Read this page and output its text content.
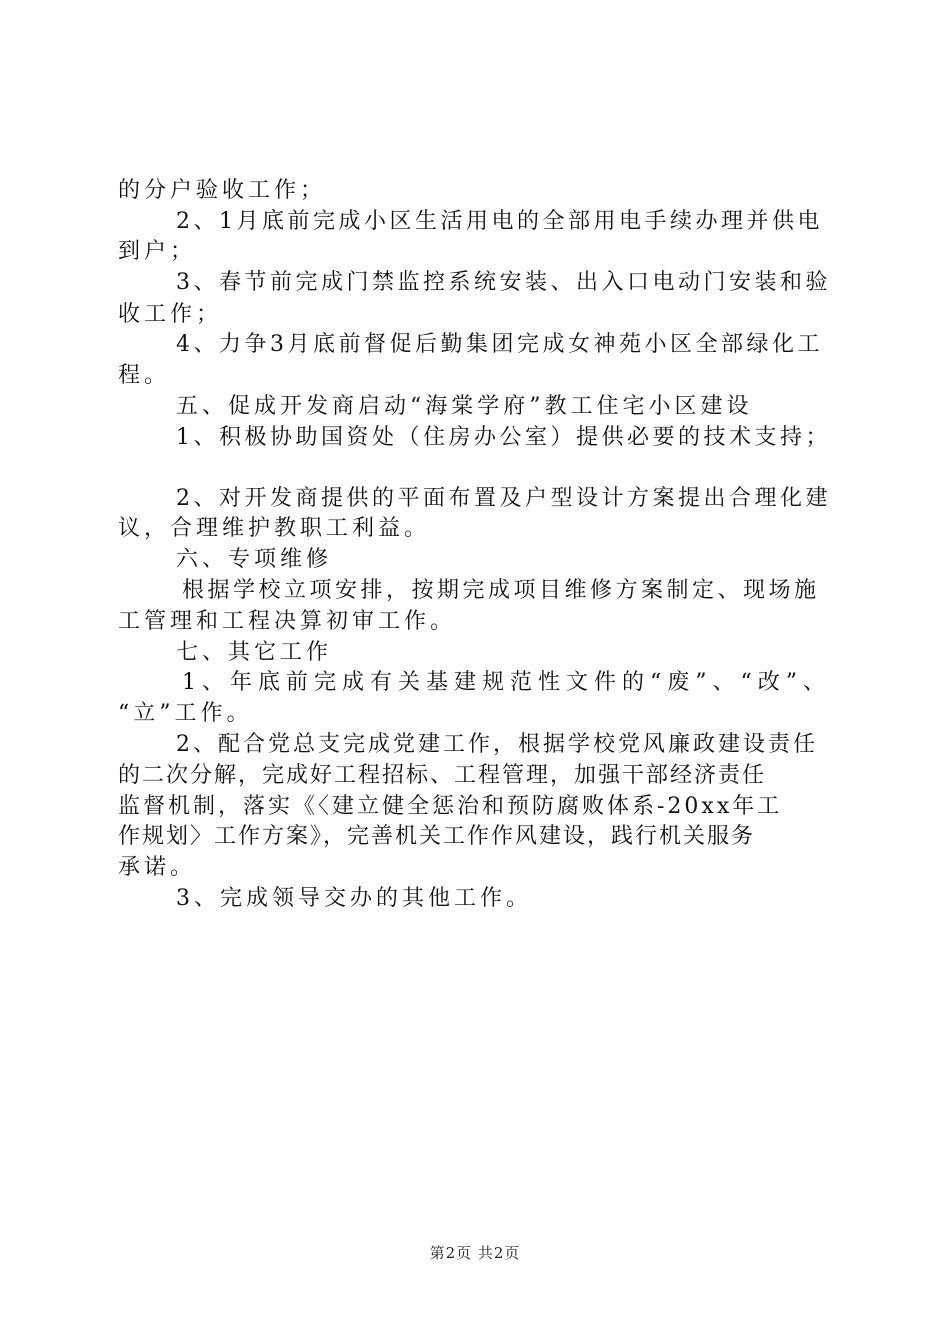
的分户验收工作；
2、1月底前完成小区生活用电的全部用电手续办理并供电
到户；
3、春节前完成门禁监控系统安装、出入口电动门安装和验
收工作；
4、力争3月底前督促后勤集团完成女神苑小区全部绿化工
程。
五、促成开发商启动“海棠学府”教工住宅小区建设
1、积极协助国资处（住房办公室）提供必要的技术支持；
2、对开发商提供的平面布置及户型设计方案提出合理化建
议，合理维护教职工利益。
六、专项维修
根据学校立项安排，按期完成项目维修方案制定、现场施
工管理和工程决算初审工作。
七、其它工作
1、年底前完成有关基建规范性文件的“废”、“改”、
“立”工作。
2、配合党总支完成党建工作，根据学校党风廉政建设责任
的二次分解，完成好工程招标、工程管理，加强干部经济责任
监督机制，落实《〈建立健全惩治和预防腐败体系-20xx年工
作规划〉工作方案》，完善机关工作作风建设，践行机关服务
承诺。
3、完成领导交办的其他工作。
第2页 共2页
